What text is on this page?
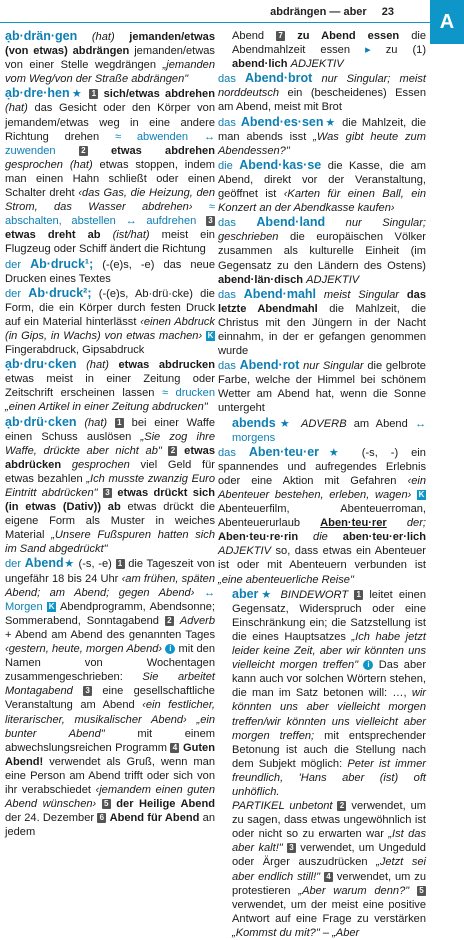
abdrängen — aber 23	A

ạb·drän·gen (hat) jemanden/etwas (von etwas) abdrängen jemanden/etwas von einer Stelle wegdrängen „jemanden vom Weg/von der Straße abdrängen"

ạb·dre·hen★ 1 sich/etwas abdrehen (hat) das Gesicht oder den Körper von jemandem/etwas weg in eine andere Richtung drehen ≈ abwenden ↔ zuwenden	2 etwas abdrehen gesprochen (hat) etwas stoppen, indem man einen Hahn schließt oder einen Schalter dreht ‹das Gas, die Heizung, den Strom, das Wasser abdrehen› ≈ abschalten, abstellen ↔ aufdrehen 3 etwas dreht ab (ist/hat) meist ein Flugzeug oder Schiff ändert die Richtung

der Ab·druck¹; (-(e)s, -e) das neue Drucken eines Textes

der Ab·druck²; (-(e)s, Ab·drü·cke) die Form, die ein Körper durch festen Druck auf ein Material hinterlässt ‹einen Abdruck (in Gips, in Wachs) von etwas machen› K Fingerabdruck, Gipsabdruck

ạb·dru·cken (hat) etwas abdrucken etwas meist in einer Zeitung oder Zeitschrift erscheinen lassen ≈ drucken „einen Artikel in einer Zeitung abdrucken"

ạb·drü·cken (hat) 1 bei einer Waffe einen Schuss auslösen „Sie zog ihre Waffe, drückte aber nicht ab" 2 etwas abdrücken gesprochen viel Geld für etwas bezahlen „Ich musste zwanzig Euro Eintritt abdrücken" 3 etwas drückt sich (in etwas (Dativ)) ab etwas drückt die eigene Form als Muster in weiches Material „Unsere Fußspuren hatten sich im Sand abgedrückt"

der Abend★ (-s, -e) 1 die Tageszeit von ungefähr 18 bis 24 Uhr ‹am frühen, späten Abend; am Abend; gegen Abend› ↔ Morgen K Abendprogramm, Abendsonne; Sommerabend, Sonntagabend 2 Adverb + Abend am Abend des genannten Tages ‹gestern, heute, morgen Abend› i mit den Namen von Wochentagen zusammengeschrieben: Sie arbeitet Montagabend 3 eine gesellschaftliche Veranstaltung am Abend ‹ein festlicher, literarischer, musikalischer Abend› „ein bunter Abend"	mit einem abwechslungsreichen Programm 4 Guten Abend! verwendet als Gruß, wenn man eine Person am Abend trifft oder sich von ihr verabschiedet ‹jemandem einen guten Abend wünschen› 5 der Heilige Abend der 24. Dezember 6 Abend für Abend an jedem

Abend 7 zu Abend essen die Abendmahlzeit essen ▸ zu (1) abend·lich ADJEKTIV

das Abend·brot nur Singular; meist norddeutsch ein (bescheidenes) Essen am Abend, meist mit Brot

das Abend·es·sen★ die Mahlzeit, die man abends isst „Was gibt heute zum Abendessen?"

die Abend·kas·se die Kasse, die am Abend, direkt vor der Veranstaltung, geöffnet ist ‹Karten für einen Ball, ein Konzert an der Abendkasse kaufen›

das Abend·land nur Singular; geschrieben die europäischen Völker zusammen als kulturelle Einheit (im Gegensatz zu den Ländern des Ostens) abend·län·disch ADJEKTIV

das Abend·mahl meist Singular das letzte Abendmahl die Mahlzeit, die Christus mit den Jüngern in der Nacht einnahm, in der er gefangen genommen wurde

das Abend·rot nur Singular die gelbrote Farbe, welche der Himmel bei schönem Wetter am Abend hat, wenn die Sonne untergeht

abends★ ADVERB am Abend ↔ morgens

das Aben·teu·er★ (-s, -) ein spannendes und aufregendes Erlebnis oder eine Aktion mit Gefahren ‹ein Abenteuer bestehen, erleben, wagen› K Abenteuerfilm, Abenteuerroman, Abenteuerurlaub Aben·teu·rer der; Aben·teu·re·rin die aben·teu·er·lich ADJEKTIV so, dass etwas ein Abenteuer ist oder mit Abenteuern verbunden ist „eine abenteuerliche Reise"

aber★ BINDEWORT 1 leitet einen Gegensatz, Widerspruch oder eine Einschränkung ein; die Satzstellung ist die eines Hauptsatzes „Ich habe jetzt leider keine Zeit, aber wir könnten uns vielleicht morgen treffen" i Das aber kann auch vor solchen Wörtern stehen, die man im Satz betonen will: …, wir könnten uns aber vielleicht morgen treffen/wir könnten uns vielleicht aber morgen treffen; mit entsprechender Betonung ist auch die Stellung nach dem Subjekt möglich: Peter ist immer freundlich, 'Hans aber (ist) oft unhöflich.
PARTIKEL unbetont 2 verwendet, um zu sagen, dass etwas ungewöhnlich ist oder nicht so zu erwarten war „Ist das aber kalt!" 3 verwendet, um Ungeduld oder Ärger auszudrücken „Jetzt sei aber endlich still!" 4 verwendet, um zu protestieren „Aber warum denn?" 5 verwendet, um der meist eine positive Antwort auf eine Frage zu verstärken „Kommst du mit?" – „Aber
